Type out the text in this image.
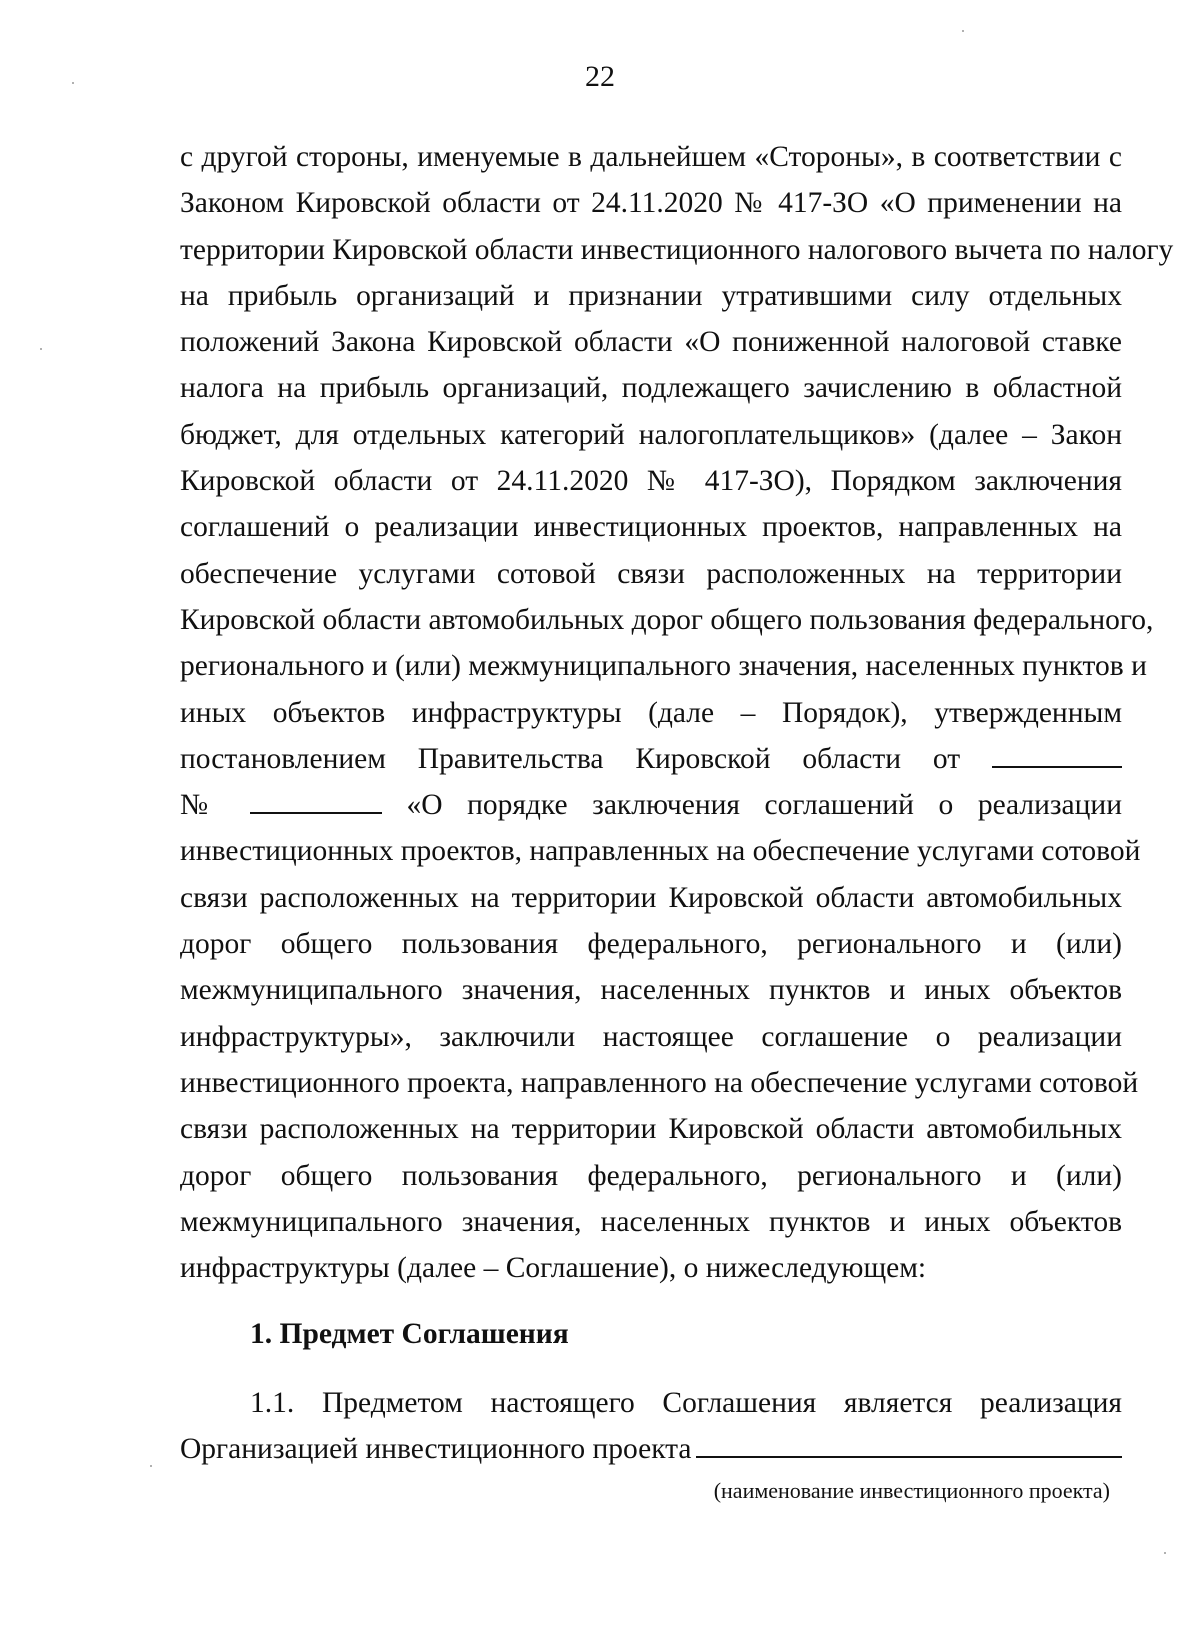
22
с другой стороны, именуемые в дальнейшем «Стороны», в соответствии с
Законом Кировской области от 24.11.2020 № 417-ЗО «О применении на
территории Кировской области инвестиционного налогового вычета по налогу
на прибыль организаций и признании утратившими силу отдельных
положений Закона Кировской области «О пониженной налоговой ставке
налога на прибыль организаций, подлежащего зачислению в областной
бюджет, для отдельных категорий налогоплательщиков» (далее – Закон
Кировской области от 24.11.2020 № 417-ЗО), Порядком заключения
соглашений о реализации инвестиционных проектов, направленных на
обеспечение услугами сотовой связи расположенных на территории
Кировской области автомобильных дорог общего пользования федерального,
регионального и (или) межмуниципального значения, населенных пунктов и
иных объектов инфраструктуры (дале – Порядок), утвержденным
постановлением Правительства Кировской области от
№	«О порядке заключения соглашений о реализации
инвестиционных проектов, направленных на обеспечение услугами сотовой
связи расположенных на территории Кировской области автомобильных
дорог общего пользования федерального, регионального и (или)
межмуниципального значения, населенных пунктов и иных объектов
инфраструктуры», заключили настоящее соглашение о реализации
инвестиционного проекта, направленного на обеспечение услугами сотовой
связи расположенных на территории Кировской области автомобильных
дорог общего пользования федерального, регионального и (или)
межмуниципального значения, населенных пунктов и иных объектов
инфраструктуры (далее – Соглашение), о нижеследующем:
1. Предмет Соглашения
1.1. Предметом настоящего Соглашения является реализация
Организацией инвестиционного проекта
(наименование инвестиционного проекта)
